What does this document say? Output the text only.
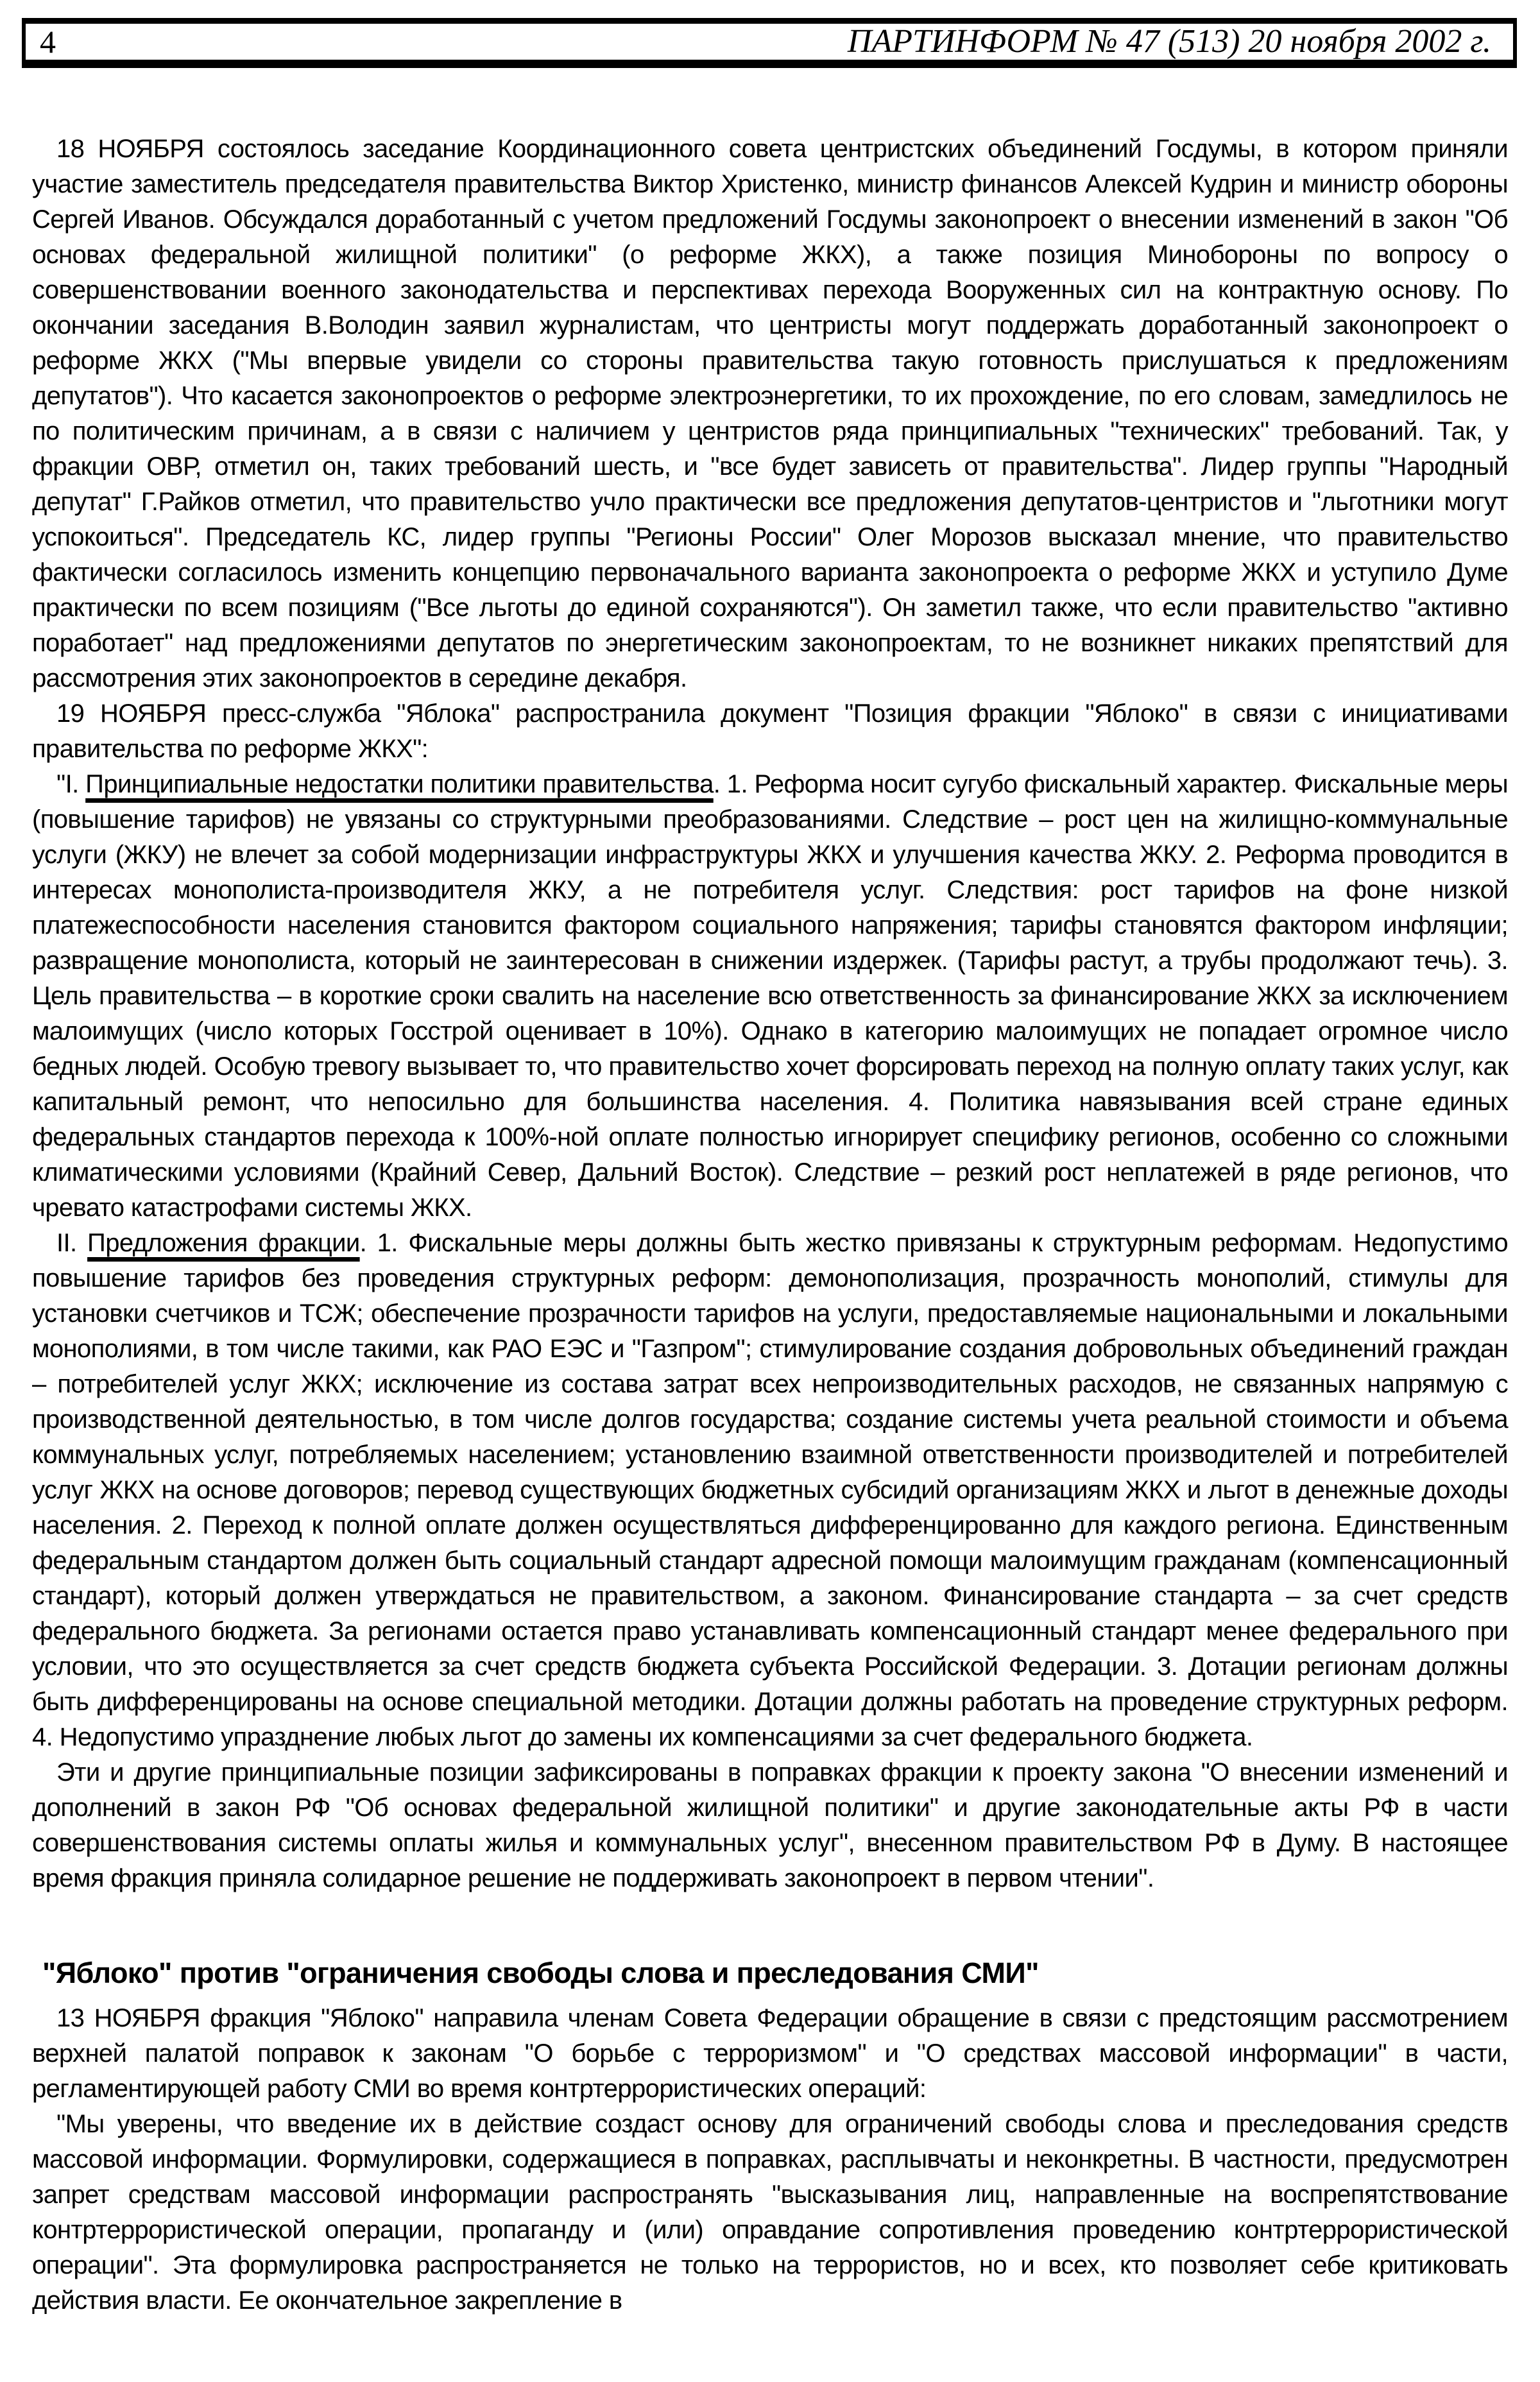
4	ПАРТИНФОРМ № 47 (513) 20 ноября 2002 г.
18 НОЯБРЯ состоялось заседание Координационного совета центристских объединений Госдумы, в котором приняли участие заместитель председателя правительства Виктор Христенко, министр финансов Алексей Кудрин и министр обороны Сергей Иванов. Обсуждался доработанный с учетом предложений Госдумы законопроект о внесении изменений в закон "Об основах федеральной жилищной политики" (о реформе ЖКХ), а также позиция Минобороны по вопросу о совершенствовании военного законодательства и перспективах перехода Вооруженных сил на контрактную основу. По окончании заседания В.Володин заявил журналистам, что центристы могут поддержать доработанный законопроект о реформе ЖКХ ("Мы впервые увидели со стороны правительства такую готовность прислушаться к предложениям депутатов"). Что касается законопроектов о реформе электроэнергетики, то их прохождение, по его словам, замедлилось не по политическим причинам, а в связи с наличием у центристов ряда принципиальных "технических" требований. Так, у фракции ОВР, отметил он, таких требований шесть, и "все будет зависеть от правительства". Лидер группы "Народный депутат" Г.Райков отметил, что правительство учло практически все предложения депутатов-центристов и "льготники могут успокоиться". Председатель КС, лидер группы "Регионы России" Олег Морозов высказал мнение, что правительство фактически согласилось изменить концепцию первоначального варианта законопроекта о реформе ЖКХ и уступило Думе практически по всем позициям ("Все льготы до единой сохраняются"). Он заметил также, что если правительство "активно поработает" над предложениями депутатов по энергетическим законопроектам, то не возникнет никаких препятствий для рассмотрения этих законопроектов в середине декабря.
19 НОЯБРЯ пресс-служба "Яблока" распространила документ "Позиция фракции "Яблоко" в связи с инициативами правительства по реформе ЖКХ":
"I. Принципиальные недостатки политики правительства. 1. Реформа носит сугубо фискальный характер. Фискальные меры (повышение тарифов) не увязаны со структурными преобразованиями. Следствие – рост цен на жилищно-коммунальные услуги (ЖКУ) не влечет за собой модернизации инфраструктуры ЖКХ и улучшения качества ЖКУ. 2. Реформа проводится в интересах монополиста-производителя ЖКУ, а не потребителя услуг. Следствия: рост тарифов на фоне низкой платежеспособности населения становится фактором социального напряжения; тарифы становятся фактором инфляции; развращение монополиста, который не заинтересован в снижении издержек. (Тарифы растут, а трубы продолжают течь). 3. Цель правительства – в короткие сроки свалить на население всю ответственность за финансирование ЖКХ за исключением малоимущих (число которых Госстрой оценивает в 10%). Однако в категорию малоимущих не попадает огромное число бедных людей. Особую тревогу вызывает то, что правительство хочет форсировать переход на полную оплату таких услуг, как капитальный ремонт, что непосильно для большинства населения. 4. Политика навязывания всей стране единых федеральных стандартов перехода к 100%-ной оплате полностью игнорирует специфику регионов, особенно со сложными климатическими условиями (Крайний Север, Дальний Восток). Следствие – резкий рост неплатежей в ряде регионов, что чревато катастрофами системы ЖКХ.
II. Предложения фракции. 1. Фискальные меры должны быть жестко привязаны к структурным реформам. Недопустимо повышение тарифов без проведения структурных реформ: демонополизация, прозрачность монополий, стимулы для установки счетчиков и ТСЖ; обеспечение прозрачности тарифов на услуги, предоставляемые национальными и локальными монополиями, в том числе такими, как РАО ЕЭС и "Газпром"; стимулирование создания добровольных объединений граждан – потребителей услуг ЖКХ; исключение из состава затрат всех непроизводительных расходов, не связанных напрямую с производственной деятельностью, в том числе долгов государства; создание системы учета реальной стоимости и объема коммунальных услуг, потребляемых населением; установлению взаимной ответственности производителей и потребителей услуг ЖКХ на основе договоров; перевод существующих бюджетных субсидий организациям ЖКХ и льгот в денежные доходы населения. 2. Переход к полной оплате должен осуществляться дифференцированно для каждого региона. Единственным федеральным стандартом должен быть социальный стандарт адресной помощи малоимущим гражданам (компенсационный стандарт), который должен утверждаться не правительством, а законом. Финансирование стандарта – за счет средств федерального бюджета. За регионами остается право устанавливать компенсационный стандарт менее федерального при условии, что это осуществляется за счет средств бюджета субъекта Российской Федерации. 3. Дотации регионам должны быть дифференцированы на основе специальной методики. Дотации должны работать на проведение структурных реформ. 4. Недопустимо упразднение любых льгот до замены их компенсациями за счет федерального бюджета.
Эти и другие принципиальные позиции зафиксированы в поправках фракции к проекту закона "О внесении изменений и дополнений в закон РФ "Об основах федеральной жилищной политики" и другие законодательные акты РФ в части совершенствования системы оплаты жилья и коммунальных услуг", внесенном правительством РФ в Думу. В настоящее время фракция приняла солидарное решение не поддерживать законопроект в первом чтении".
"Яблоко" против "ограничения свободы слова и преследования СМИ"
13 НОЯБРЯ фракция "Яблоко" направила членам Совета Федерации обращение в связи с предстоящим рассмотрением верхней палатой поправок к законам "О борьбе с терроризмом" и "О средствах массовой информации" в части, регламентирующей работу СМИ во время контртеррористических операций:
"Мы уверены, что введение их в действие создаст основу для ограничений свободы слова и преследования средств массовой информации. Формулировки, содержащиеся в поправках, расплывчаты и неконкретны. В частности, предусмотрен запрет средствам массовой информации распространять "высказывания лиц, направленные на воспрепятствование контртеррористической операции, пропаганду и (или) оправдание сопротивления проведению контртеррористической операции". Эта формулировка распространяется не только на террористов, но и всех, кто позволяет себе критиковать действия власти. Ее окончательное закрепление в
